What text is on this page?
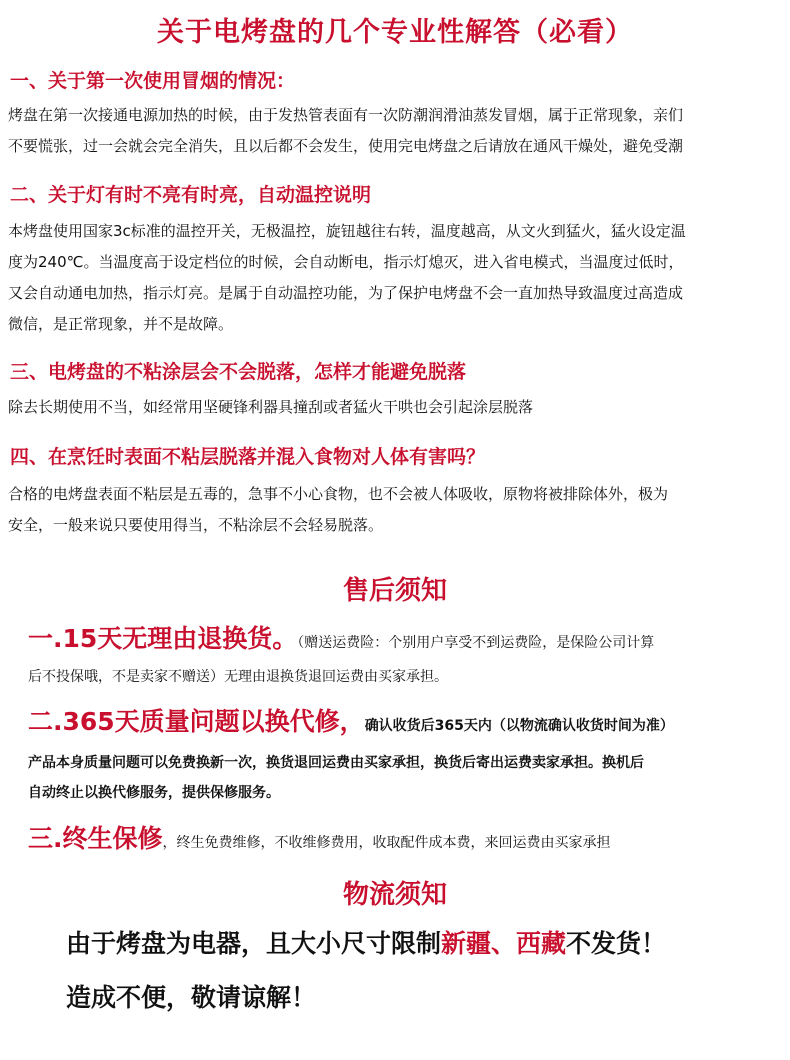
关于电烤盘的几个专业性解答（必看）
一、关于第一次使用冒烟的情况：
烤盘在第一次接通电源加热的时候，由于发热管表面有一次防潮润滑油蒸发冒烟，属于正常现象，亲们
不要慌张，过一会就会完全消失，且以后都不会发生，使用完电烤盘之后请放在通风干燥处，避免受潮
二、关于灯有时不亮有时亮，自动温控说明
本烤盘使用国家3c标准的温控开关，无极温控，旋钮越往右转，温度越高，从文火到猛火，猛火设定温
度为240℃。当温度高于设定档位的时候，会自动断电，指示灯熄灭，进入省电模式，当温度过低时，
又会自动通电加热，指示灯亮。是属于自动温控功能，为了保护电烤盘不会一直加热导致温度过高造成
微信，是正常现象，并不是故障。
三、电烤盘的不粘涂层会不会脱落，怎样才能避免脱落
除去长期使用不当，如经常用坚硬锋利器具撞刮或者猛火干哄也会引起涂层脱落
四、在烹饪时表面不粘层脱落并混入食物对人体有害吗？
合格的电烤盘表面不粘层是五毒的，急事不小心食物，也不会被人体吸收，原物将被排除体外，极为
安全，一般来说只要使用得当，不粘涂层不会轻易脱落。
售后须知
一.15天无理由退换货。（赠送运费险：个别用户享受不到运费险，是保险公司计算
后不投保哦，不是卖家不赠送）无理由退换货退回运费由买家承担。
二.365天质量问题以换代修，确认收货后365天内（以物流确认收货时间为准）
产品本身质量问题可以免费换新一次，换货退回运费由买家承担，换货后寄出运费卖家承担。换机后
自动终止以换代修服务，提供保修服务。
三.终生保修，终生免费维修，不收维修费用，收取配件成本费，来回运费由买家承担
物流须知
由于烤盘为电器，且大小尺寸限制新疆、西藏不发货！
造成不便，敬请谅解！
